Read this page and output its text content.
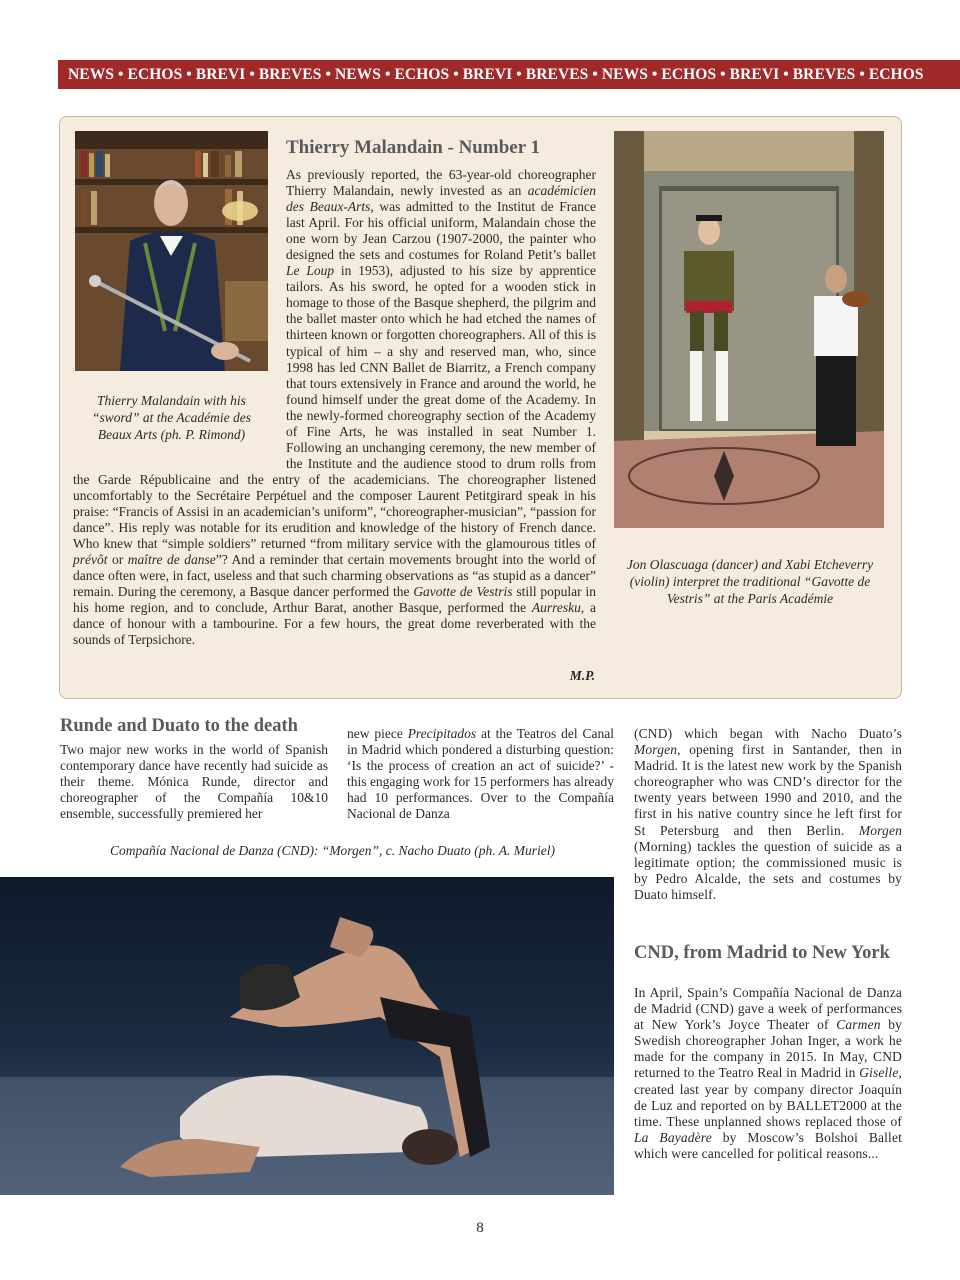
NEWS • ECHOS • BREVI • BREVES • NEWS • ECHOS • BREVI • BREVES • NEWS • ECHOS • BREVI • BREVES • ECHOS
Thierry Malandain with his “sword” at the Académie des Beaux Arts (ph. P. Rimond)
Jon Olascuaga (dancer) and Xabi Etcheverry (violin) interpret the traditional “Gavotte de Vestris” at the Paris Académie
Thierry Malandain - Number 1
As previously reported, the 63-year-old choreographer Thierry Malandain, newly invested as an académicien des Beaux-Arts, was admitted to the Institut de France last April. For his official uniform, Malandain chose the one worn by Jean Carzou (1907-2000, the painter who designed the sets and costumes for Roland Petit’s ballet Le Loup in 1953), adjusted to his size by apprentice tailors. As his sword, he opted for a wooden stick in homage to those of the Basque shepherd, the pilgrim and the ballet master onto which he had etched the names of thirteen known or forgotten choreographers. All of this is typical of him – a shy and reserved man, who, since 1998 has led CNN Ballet de Biarritz, a French company that tours extensively in France and around the world, he found himself under the great dome of the Academy. In the newly-formed choreography section of the Academy of Fine Arts, he was installed in seat Number 1. Following an unchanging ceremony, the new member of the Institute and the audience stood to drum rolls from the Garde Républicaine and the entry of the academicians. The choreographer listened uncomfortably to the Secrétaire Perpétuel and the composer Laurent Petitgirard speak in his praise: “Francis of Assisi in an academician’s uniform”, “choreographer-musician”, “passion for dance”. His reply was notable for its erudition and knowledge of the history of French dance. Who knew that “simple soldiers” returned “from military service with the glamourous titles of prévôt or maître de danse”? And a reminder that certain movements brought into the world of dance often were, in fact, useless and that such charming observations as “as stupid as a dancer” remain. During the ceremony, a Basque dancer performed the Gavotte de Vestris still popular in his home region, and to conclude, Arthur Barat, another Basque, performed the Aurresku, a dance of honour with a tambourine. For a few hours, the great dome reverberated with the sounds of Terpsichore.
M.P.
Runde and Duato to the death
Two major new works in the world of Spanish contemporary dance have recently had suicide as their theme. Mónica Runde, director and choreographer of the Compañía 10&10 ensemble, successfully premiered her
new piece Precipitados at the Teatros del Canal in Madrid which pondered a disturbing question: ‘Is the process of creation an act of suicide?’ - this engaging work for 15 performers has already had 10 performances. Over to the Compañía Nacional de Danza
(CND) which began with Nacho Duato’s Morgen, opening first in Santander, then in Madrid. It is the latest new work by the Spanish choreographer who was CND’s director for the twenty years between 1990 and 2010, and the first in his native country since he left first for St Petersburg and then Berlin. Morgen (Morning) tackles the question of suicide as a legitimate option; the commissioned music is by Pedro Alcalde, the sets and costumes by Duato himself.
Compañía Nacional de Danza (CND): “Morgen”, c. Nacho Duato (ph. A. Muriel)
CND, from Madrid to New York
In April, Spain’s Compañía Nacional de Danza de Madrid (CND) gave a week of performances at New York’s Joyce Theater of Carmen by Swedish choreographer Johan Inger, a work he made for the company in 2015. In May, CND returned to the Teatro Real in Madrid in Giselle, created last year by company director Joaquín de Luz and reported on by BALLET2000 at the time. These unplanned shows replaced those of La Bayadère by Moscow’s Bolshoi Ballet which were cancelled for political reasons...
8
